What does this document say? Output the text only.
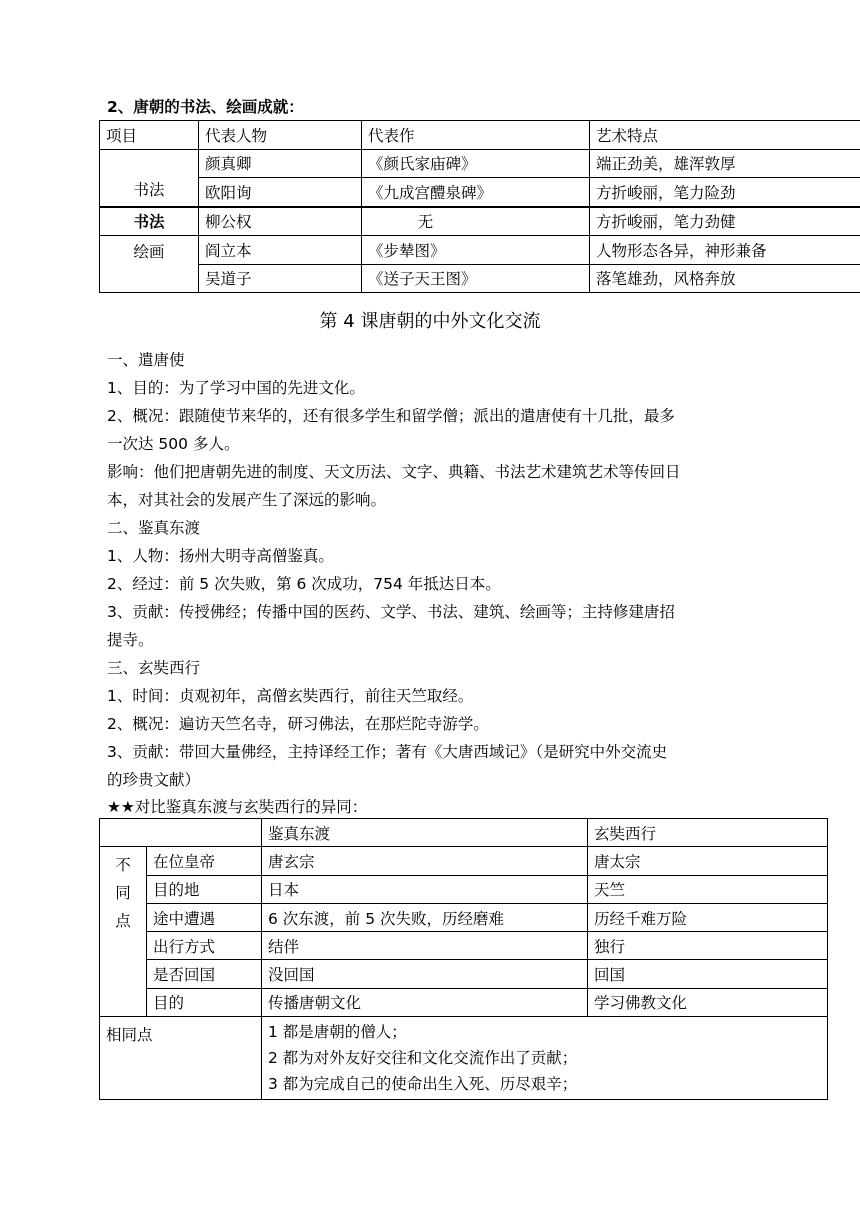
2、唐朝的书法、绘画成就：
项目	代表人物	代表作	艺术特点
书法	颜真卿	《颜氏家庙碑》	端正劲美，雄浑敦厚
	欧阳询	《九成宫醴泉碑》	方折峻丽，笔力险劲
书法	柳公权	无	方折峻丽，笔力劲健
绘画	阎立本	《步辇图》	人物形态各异，神形兼备
	吴道子	《送子天王图》	落笔雄劲，风格奔放
第 4 课唐朝的中外文化交流
一、遣唐使
1、目的：为了学习中国的先进文化。
2、概况：跟随使节来华的，还有很多学生和留学僧；派出的遣唐使有十几批，最多
一次达 500 多人。
影响：他们把唐朝先进的制度、天文历法、文字、典籍、书法艺术建筑艺术等传回日
本，对其社会的发展产生了深远的影响。
二、鉴真东渡
1、人物：扬州大明寺高僧鉴真。
2、经过：前 5 次失败，第 6 次成功，754 年抵达日本。
3、贡献：传授佛经；传播中国的医药、文学、书法、建筑、绘画等；主持修建唐招
提寺。
三、玄奘西行
1、时间：贞观初年，高僧玄奘西行，前往天竺取经。
2、概况：遍访天竺名寺，研习佛法，在那烂陀寺游学。
3、贡献：带回大量佛经，主持译经工作；著有《大唐西域记》（是研究中外交流史
的珍贵文献）
★★对比鉴真东渡与玄奘西行的异同：
		鉴真东渡	玄奘西行

不
同
点	在位皇帝	唐玄宗	唐太宗
	目的地	日本	天竺
	途中遭遇	6 次东渡，前 5 次失败，历经磨难	历经千难万险
	出行方式	结伴	独行
	是否回国	没回国	回国
	目的	传播唐朝文化	学习佛教文化
相同点		1 都是唐朝的僧人；
2 都为对外友好交往和文化交流作出了贡献；
3 都为完成自己的使命出生入死、历尽艰辛；	
